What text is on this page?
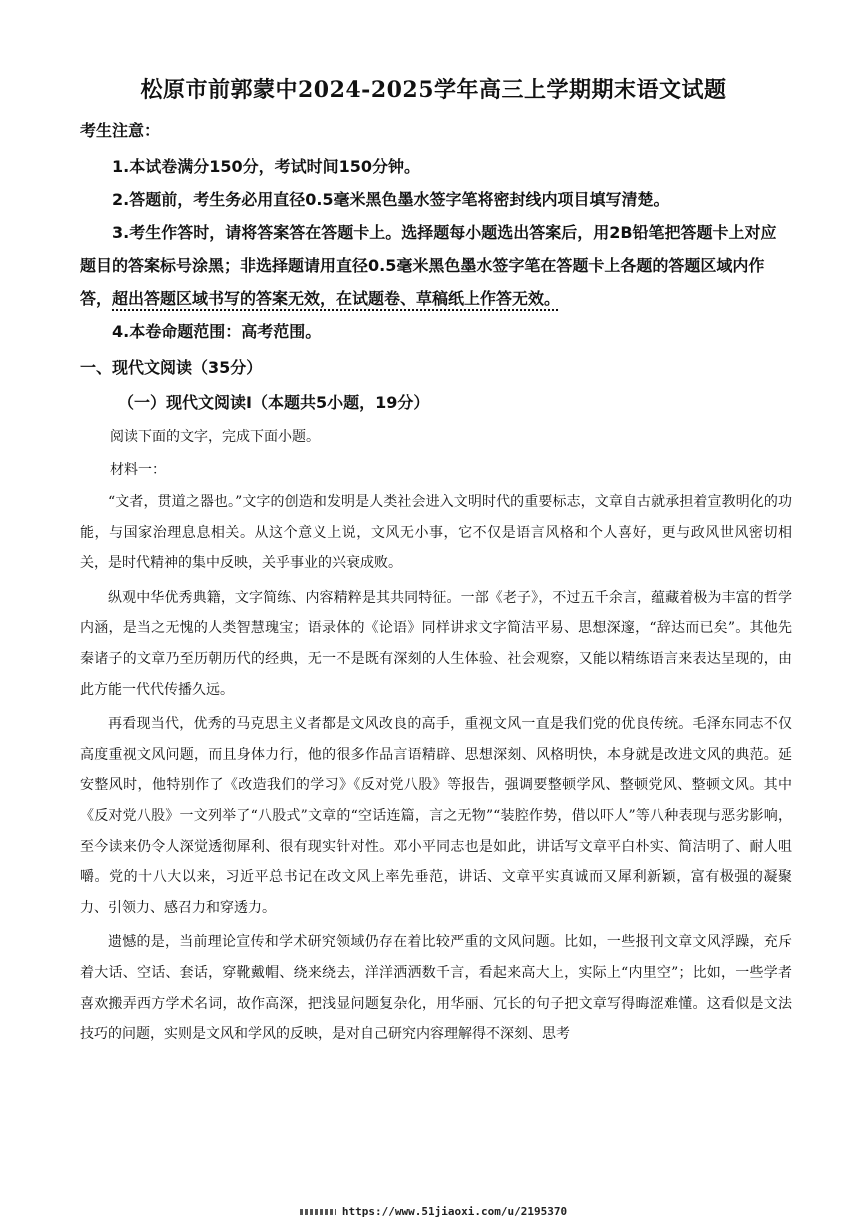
松原市前郭蒙中2024-2025学年高三上学期期末语文试题
考生注意：
1.本试卷满分150分，考试时间150分钟。
2.答题前，考生务必用直径0.5毫米黑色墨水签字笔将密封线内项目填写清楚。
3.考生作答时，请将答案答在答题卡上。选择题每小题选出答案后，用2B铅笔把答题卡上对应题目的答案标号涂黑；非选择题请用直径0.5毫米黑色墨水签字笔在答题卡上各题的答题区域内作答，超出答题区域书写的答案无效，在试题卷、草稿纸上作答无效。
4.本卷命题范围：高考范围。
一、现代文阅读（35分）
（一）现代文阅读Ⅰ（本题共5小题，19分）
阅读下面的文字，完成下面小题。
材料一：

“文者，贯道之器也。”文字的创造和发明是人类社会进入文明时代的重要标志，文章自古就承担着宣教明化的功能，与国家治理息息相关。从这个意义上说，文风无小事，它不仅是语言风格和个人喜好，更与政风世风密切相关，是时代精神的集中反映，关乎事业的兴衰成败。

纵观中华优秀典籍，文字简练、内容精粹是其共同特征。一部《老子》，不过五千余言，蕴藏着极为丰富的哲学内涵，是当之无愧的人类智慧瑰宝；语录体的《论语》同样讲求文字简洁平易、思想深邃，“辞达而已矣”。其他先秦诸子的文章乃至历朝历代的经典，无一不是既有深刻的人生体验、社会观察，又能以精练语言来表达呈现的，由此方能一代代传播久远。

再看现当代，优秀的马克思主义者都是文风改良的高手，重视文风一直是我们党的优良传统。毛泽东同志不仅高度重视文风问题，而且身体力行，他的很多作品言语精辟、思想深刻、风格明快，本身就是改进文风的典范。延安整风时，他特别作了《改造我们的学习》《反对党八股》等报告，强调要整顿学风、整顿党风、整顿文风。其中《反对党八股》一文列举了“八股式”文章的“空话连篇，言之无物”“装腔作势，借以吓人”等八种表现与恶劣影响，至今读来仍令人深觉透彻犀利、很有现实针对性。邓小平同志也是如此，讲话写文章平白朴实、简洁明了、耐人咀嚼。党的十八大以来，习近平总书记在改文风上率先垂范，讲话、文章平实真诚而又犀利新颖，富有极强的凝聚力、引领力、感召力和穿透力。

遗憾的是，当前理论宣传和学术研究领域仍存在着比较严重的文风问题。比如，一些报刊文章文风浮躁，充斥着大话、空话、套话，穿靴戴帽、绕来绕去，洋洋洒洒数千言，看起来高大上，实际上“内里空”；比如，一些学者喜欢搬弄西方学术名词，故作高深，把浅显问题复杂化，用华丽、冗长的句子把文章写得晦涩难懂。这看似是文法技巧的问题，实则是文风和学风的反映，是对自己研究内容理解得不深刻、思考

https://www.51jiaoxi.com/u/2195370
